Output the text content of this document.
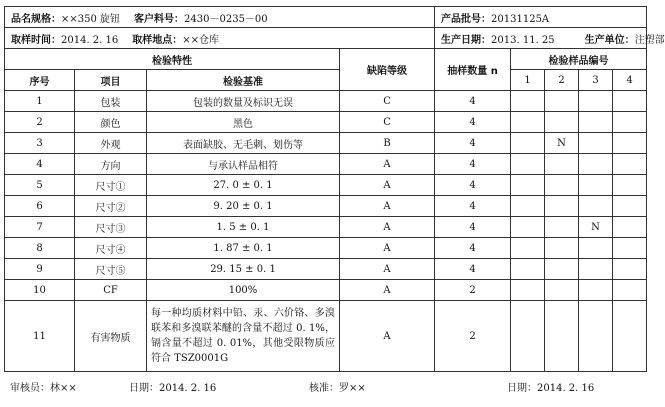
品名规格：××350 旋钮 客户料号：2430－0235－00				产品批号：20131125A				
取样时间：2014. 2. 16 取样地点：××仓库				生产日期：2013. 11. 25 生产单位：注塑部				
检验特性			缺陷等级	抽样数量 n	检验样品编号			
序号	项目	检验基准			1	2	3	4
1	包装	包装的数量及标识无误	C	4				
2	颜色	黑色	C	4				
3	外观	表面缺胶、无毛刺、划伤等	B	4		N		
4	方向	与承认样品相符	A	4				
5	尺寸①	27. 0 ± 0. 1	A	4				
6	尺寸②	9. 20 ± 0. 1	A	4				
7	尺寸③	1. 5 ± 0. 1	A	4			N	
8	尺寸④	1. 87 ± 0. 1	A	4				
9	尺寸⑤	29. 15 ± 0. 1	A	4				
10	CF	100%	A	2				
11	有害物质	每一种均质材料中铅、汞、六价铬、多溴联苯和多溴联苯醚的含量不超过 0. 1%，镉含量不超过 0. 01%，其他受限物质应符合 TSZ0001G	A	2				
审核员：林××	日期：2014. 2. 16	核准：罗××	日期：2014. 2. 16
